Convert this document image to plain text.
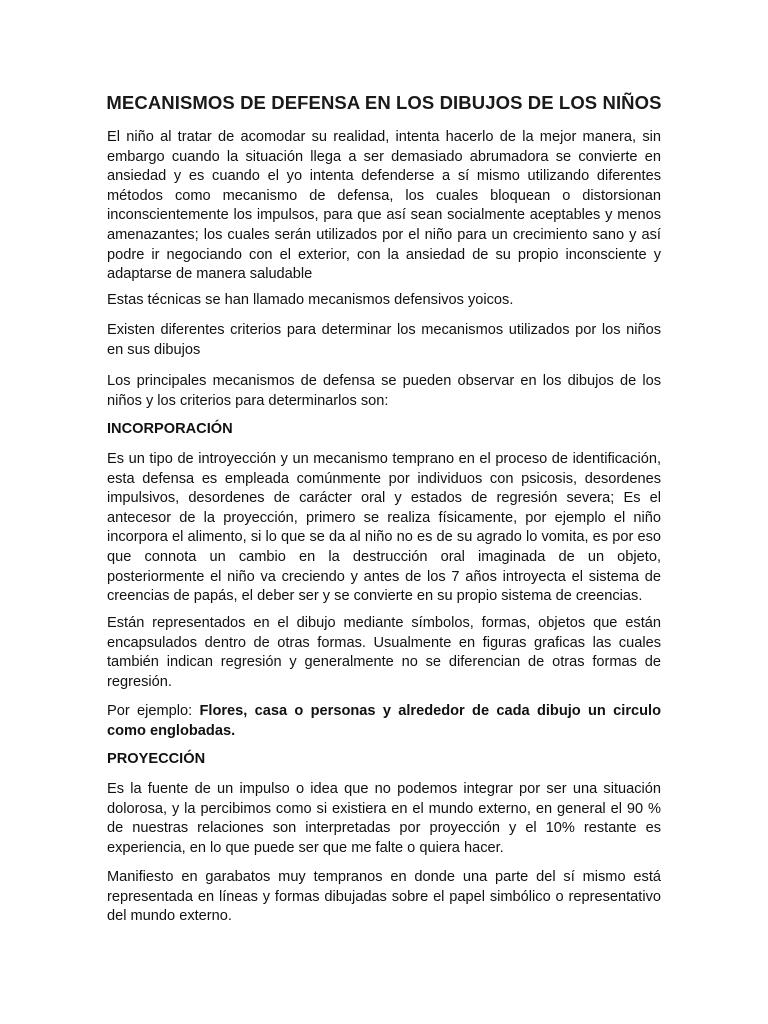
MECANISMOS DE DEFENSA EN LOS DIBUJOS DE LOS NIÑOS

El niño al tratar de acomodar su realidad, intenta hacerlo de la mejor manera, sin embargo cuando la situación llega a ser demasiado abrumadora se convierte en ansiedad y es cuando el yo intenta defenderse a sí mismo utilizando diferentes métodos como mecanismo de defensa, los cuales bloquean o distorsionan inconscientemente los impulsos, para que así sean socialmente aceptables y menos amenazantes; los cuales serán utilizados por el niño para un crecimiento sano y así podre ir negociando con el exterior, con la ansiedad de su propio inconsciente y adaptarse de manera saludable

Estas técnicas se han llamado mecanismos defensivos yoicos.

Existen diferentes criterios para determinar los mecanismos utilizados por los niños en sus dibujos

Los principales mecanismos de defensa se pueden observar en los dibujos de los niños y los criterios para determinarlos son:

INCORPORACIÓN

Es un tipo de introyección y un mecanismo temprano en el proceso de identificación, esta defensa es empleada comúnmente por individuos con psicosis, desordenes impulsivos, desordenes de carácter oral y estados de regresión severa; Es el antecesor de la proyección, primero se realiza físicamente, por ejemplo el niño incorpora el alimento, si lo que se da al niño no es de su agrado lo vomita, es por eso que connota un cambio en la destrucción oral imaginada de un objeto, posteriormente el niño va creciendo y antes de los 7 años introyecta el sistema de creencias de papás, el deber ser y se convierte en su propio sistema de creencias.

Están representados en el dibujo mediante símbolos, formas, objetos que están encapsulados dentro de otras formas. Usualmente en figuras graficas las cuales también indican regresión y generalmente no se diferencian de otras formas de regresión.

Por ejemplo: Flores, casa o personas y alrededor de cada dibujo un circulo como englobadas.

PROYECCIÓN

Es la fuente de un impulso o idea que no podemos integrar por ser una situación dolorosa, y la percibimos como si existiera en el mundo externo, en general el 90 % de nuestras relaciones son interpretadas por proyección y el 10% restante es experiencia, en lo que puede ser que me falte o quiera hacer.

Manifiesto en garabatos muy tempranos en donde una parte del sí mismo está representada en líneas y formas dibujadas sobre el papel simbólico o representativo del mundo externo.
